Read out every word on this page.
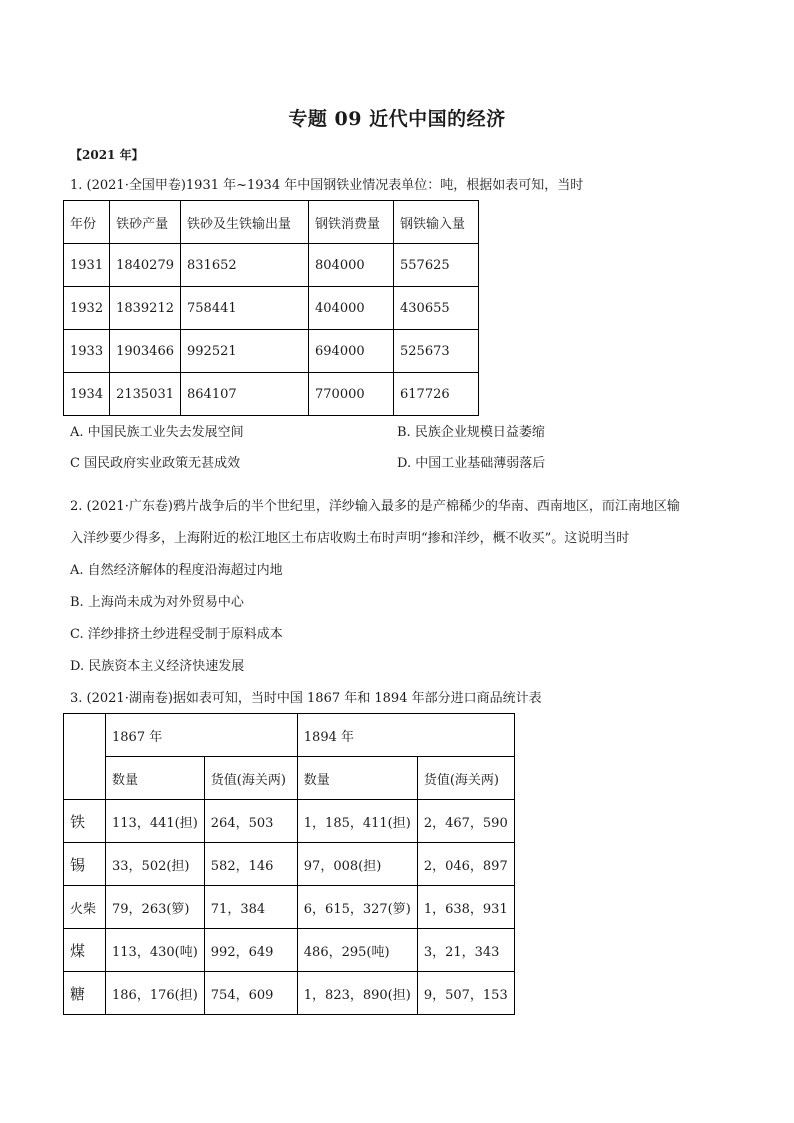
专题 09 近代中国的经济
【2021 年】
1. (2021·全国甲卷)1931 年~1934 年中国钢铁业情况表单位：吨，根据如表可知，当时
年份	铁砂产量	铁砂及生铁输出量	钢铁消费量	钢铁输入量
1931	1840279	831652	804000	557625
1932	1839212	758441	404000	430655
1933	1903466	992521	694000	525673
1934	2135031	864107	770000	617726
A. 中国民族工业失去发展空间	B. 民族企业规模日益萎缩
C 国民政府实业政策无甚成效	D. 中国工业基础薄弱落后
2. (2021·广东卷)鸦片战争后的半个世纪里，洋纱输入最多的是产棉稀少的华南、西南地区，而江南地区输
入洋纱要少得多，上海附近的松江地区土布店收购土布时声明“掺和洋纱，概不收买”。这说明当时
A. 自然经济解体的程度沿海超过内地
B. 上海尚未成为对外贸易中心
C. 洋纱排挤土纱进程受制于原料成本
D. 民族资本主义经济快速发展
3. (2021·湖南卷)据如表可知，当时中国 1867 年和 1894 年部分进口商品统计表
	1867 年		1894 年	
	数量	货值(海关两)	数量	货值(海关两)
铁	113，441(担)	264，503	1，185，411(担)	2，467，590
锡	33，502(担)	582，146	97，008(担)	2，046，897
火柴	79，263(箩)	71，384	6，615，327(箩)	1，638，931
煤	113，430(吨)	992，649	486，295(吨)	3，21，343
糖	186，176(担)	754，609	1，823，890(担)	9，507，153
